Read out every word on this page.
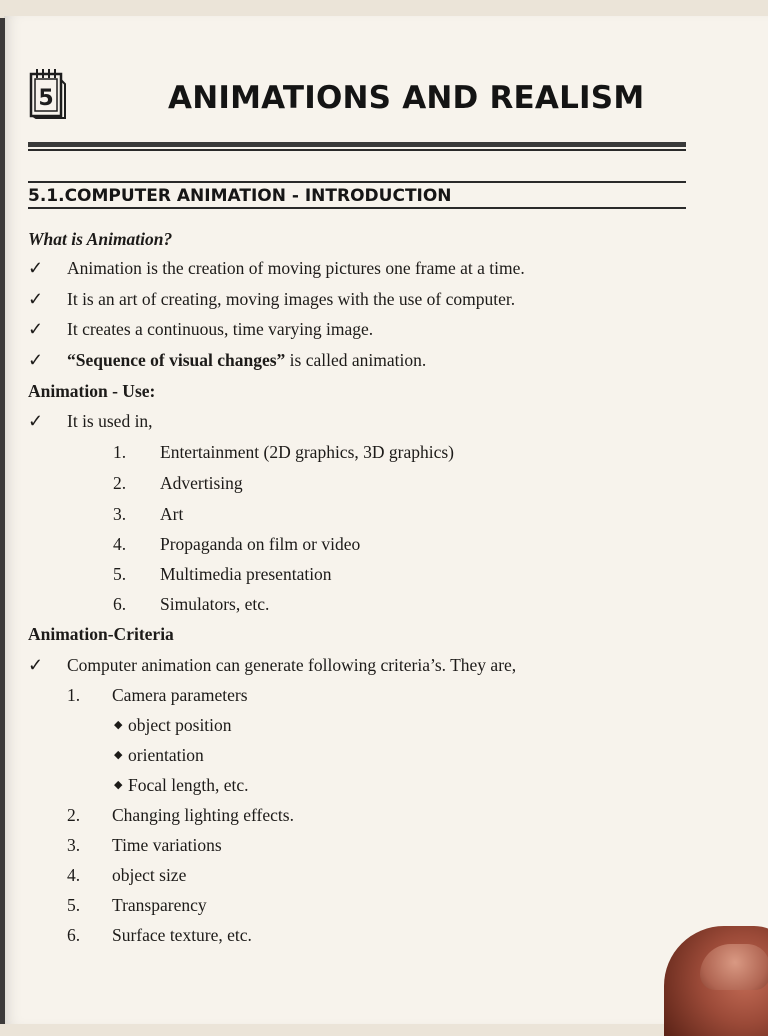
5	ANIMATIONS AND REALISM
5.1.COMPUTER ANIMATION - INTRODUCTION
What is Animation?
✓ Animation is the creation of moving pictures one frame at a time.
✓ It is an art of creating, moving images with the use of computer.
✓ It creates a continuous, time varying image.
✓ “Sequence of visual changes” is called animation.
Animation - Use:
✓ It is used in,
1. Entertainment (2D graphics, 3D graphics)
2. Advertising
3. Art
4. Propaganda on film or video
5. Multimedia presentation
6. Simulators, etc.
Animation-Criteria
✓ Computer animation can generate following criteria’s. They are,
1. Camera parameters
◆ object position
◆ orientation
◆ Focal length, etc.
2. Changing lighting effects.
3. Time variations
4. object size
5. Transparency
6. Surface texture, etc.
